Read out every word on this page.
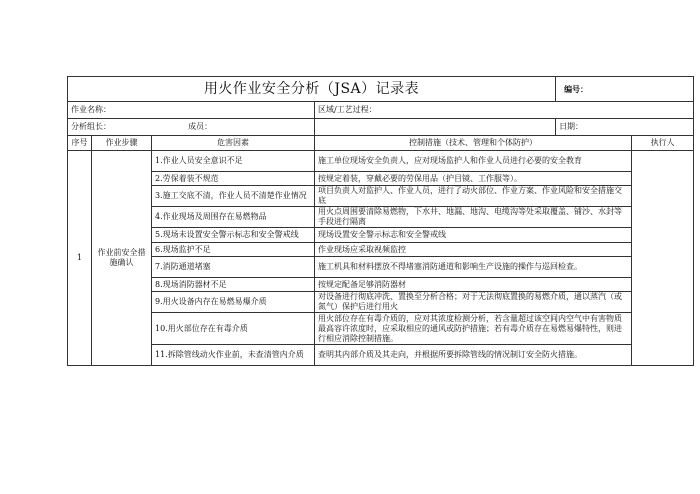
用火作业安全分析（JSA）记录表				编号：	
作业名称：			区域/工艺过程：		
分析组长： 成员：				日期：	
序号	作业步骤	危害因素	控制措施（技术、管理和个体防护）		执行人
1	作业前安全措施确认	1.作业人员安全意识不足	施工单位现场安全负责人，应对现场监护人和作业人员进行必要的安全教育		
		2.劳保着装不规范	按规定着装，穿戴必要的劳保用品（护目镜、工作服等）。		
		3.施工交底不清，作业人员不清楚作业情况	项目负责人对监护人、作业人员，进行了动火部位、作业方案、作业风险和安全措施交底		
		4.作业现场及周围存在易燃物品	用火点周围要清除易燃物，下水井、地漏、地沟、电缆沟等处采取覆盖、铺沙、水封等手段进行隔离		
		5.现场未设置安全警示标志和安全警戒线	现场设置安全警示标志和安全警戒线		
		6.现场监护不足	作业现场应采取视频监控		
		7.消防通道堵塞	施工机具和材料摆放不得堵塞消防通道和影响生产设施的操作与巡回检查。		
		8.现场消防器材不足	按规定配备足够消防器材		
		9.用火设备内存在易燃易爆介质	对设备进行彻底冲洗、置换至分析合格；对于无法彻底置换的易燃介质，通以蒸汽（或氮气）保护后进行用火		
		10.用火部位存在有毒介质	用火部位存在有毒介质的，应对其浓度检测分析，若含量超过该空间内空气中有害物质最高容许浓度时，应采取相应的通风或防护措施；若有毒介质存在易燃易爆特性，则进行相应消除控制措施。		
		11.拆除管线动火作业前，未查清管内介质	查明其内部介质及其走向，并根据所要拆除管线的情况制订安全防火措施。		
